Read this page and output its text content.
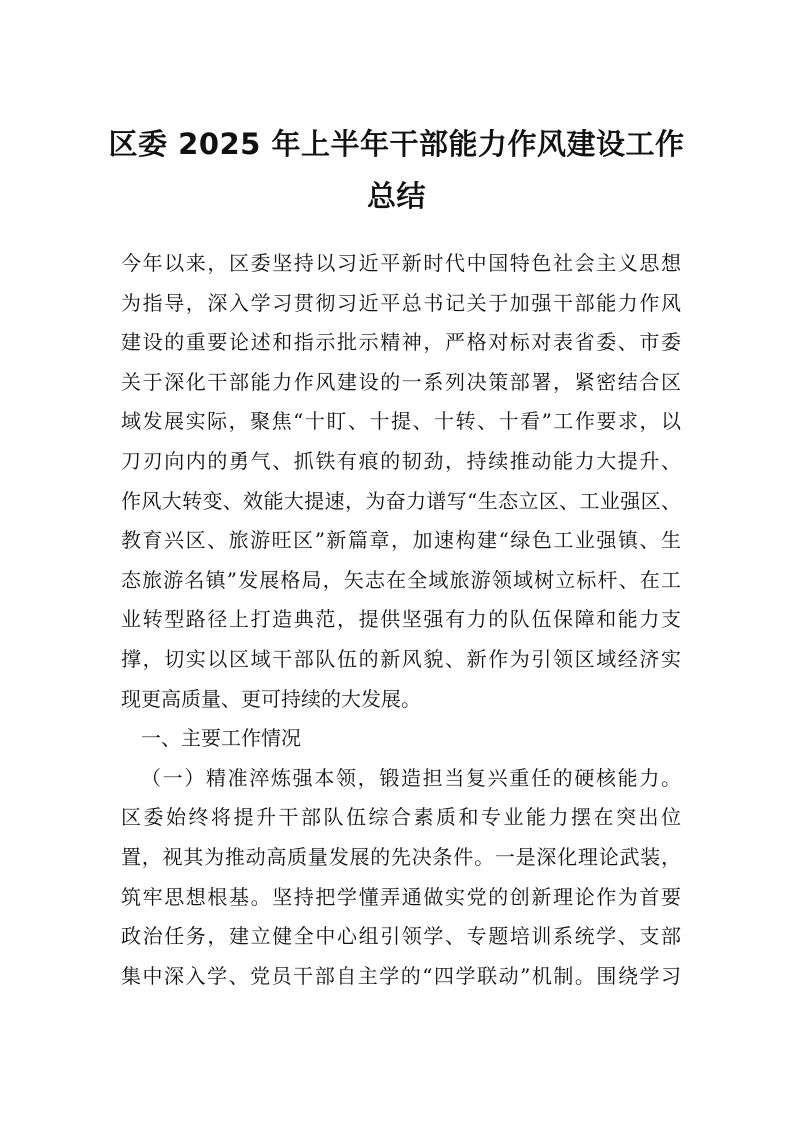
区委 2025 年上半年干部能力作风建设工作
总结
今年以来，区委坚持以习近平新时代中国特色社会主义思想
为指导，深入学习贯彻习近平总书记关于加强干部能力作风
建设的重要论述和指示批示精神，严格对标对表省委、市委
关于深化干部能力作风建设的一系列决策部署，紧密结合区
域发展实际，聚焦“十盯、十提、十转、十看”工作要求，以
刀刃向内的勇气、抓铁有痕的韧劲，持续推动能力大提升、
作风大转变、效能大提速，为奋力谱写“生态立区、工业强区、
教育兴区、旅游旺区”新篇章，加速构建“绿色工业强镇、生
态旅游名镇”发展格局，矢志在全域旅游领域树立标杆、在工
业转型路径上打造典范，提供坚强有力的队伍保障和能力支
撑，切实以区域干部队伍的新风貌、新作为引领区域经济实
现更高质量、更可持续的大发展。
一、主要工作情况
（一）精准淬炼强本领，锻造担当复兴重任的硬核能力。
区委始终将提升干部队伍综合素质和专业能力摆在突出位
置，视其为推动高质量发展的先决条件。一是深化理论武装，
筑牢思想根基。坚持把学懂弄通做实党的创新理论作为首要
政治任务，建立健全中心组引领学、专题培训系统学、支部
集中深入学、党员干部自主学的“四学联动”机制。围绕学习
